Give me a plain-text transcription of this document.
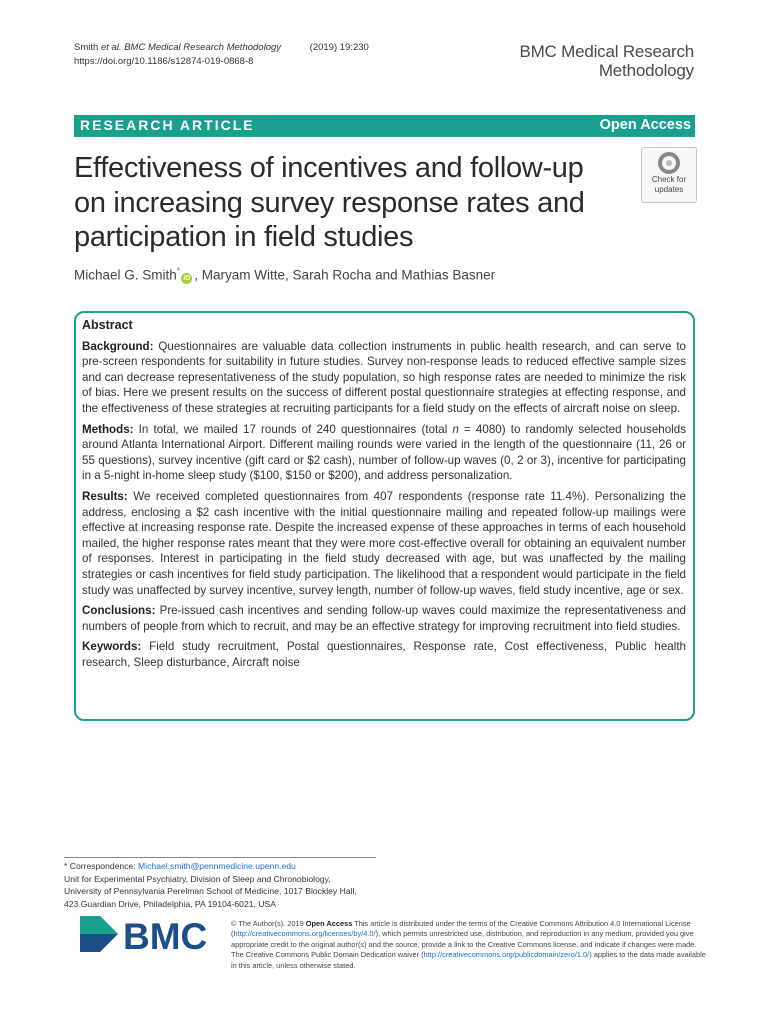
Smith et al. BMC Medical Research Methodology	(2019) 19:230
https://doi.org/10.1186/s12874-019-0868-8
BMC Medical Research
Methodology
RESEARCH ARTICLE	Open Access
Effectiveness of incentives and follow-up
on increasing survey response rates and
participation in field studies
Check for
updates
Michael G. Smith*iD , Maryam Witte, Sarah Rocha and Mathias Basner
Abstract

Background: Questionnaires are valuable data collection instruments in public health research, and can serve to pre-screen respondents for suitability in future studies. Survey non-response leads to reduced effective sample sizes and can decrease representativeness of the study population, so high response rates are needed to minimize the risk of bias. Here we present results on the success of different postal questionnaire strategies at effecting response, and the effectiveness of these strategies at recruiting participants for a field study on the effects of aircraft noise on sleep.

Methods: In total, we mailed 17 rounds of 240 questionnaires (total n = 4080) to randomly selected households around Atlanta International Airport. Different mailing rounds were varied in the length of the questionnaire (11, 26 or 55 questions), survey incentive (gift card or $2 cash), number of follow-up waves (0, 2 or 3), incentive for participating in a 5-night in-home sleep study ($100, $150 or $200), and address personalization.

Results: We received completed questionnaires from 407 respondents (response rate 11.4%). Personalizing the address, enclosing a $2 cash incentive with the initial questionnaire mailing and repeated follow-up mailings were effective at increasing response rate. Despite the increased expense of these approaches in terms of each household mailed, the higher response rates meant that they were more cost-effective overall for obtaining an equivalent number of responses. Interest in participating in the field study decreased with age, but was unaffected by the mailing strategies or cash incentives for field study participation. The likelihood that a respondent would participate in the field study was unaffected by survey incentive, survey length, number of follow-up waves, field study incentive, age or sex.

Conclusions: Pre-issued cash incentives and sending follow-up waves could maximize the representativeness and numbers of people from which to recruit, and may be an effective strategy for improving recruitment into field studies.

Keywords: Field study recruitment, Postal questionnaires, Response rate, Cost effectiveness, Public health research, Sleep disturbance, Aircraft noise

* Correspondence: Michael.smith@pennmedicine.upenn.edu
Unit for Experimental Psychiatry, Division of Sleep and Chronobiology,
University of Pennsylvania Perelman School of Medicine, 1017 Blockley Hall,
423 Guardian Drive, Philadelphia, PA 19104-6021, USA
BMC	© The Author(s). 2019 Open Access This article is distributed under the terms of the Creative Commons Attribution 4.0 International License (http://creativecommons.org/licenses/by/4.0/), which permits unrestricted use, distribution, and reproduction in any medium, provided you give appropriate credit to the original author(s) and the source, provide a link to the Creative Commons license, and indicate if changes were made. The Creative Commons Public Domain Dedication waiver (http://creativecommons.org/publicdomain/zero/1.0/) applies to the data made available in this article, unless otherwise stated.
